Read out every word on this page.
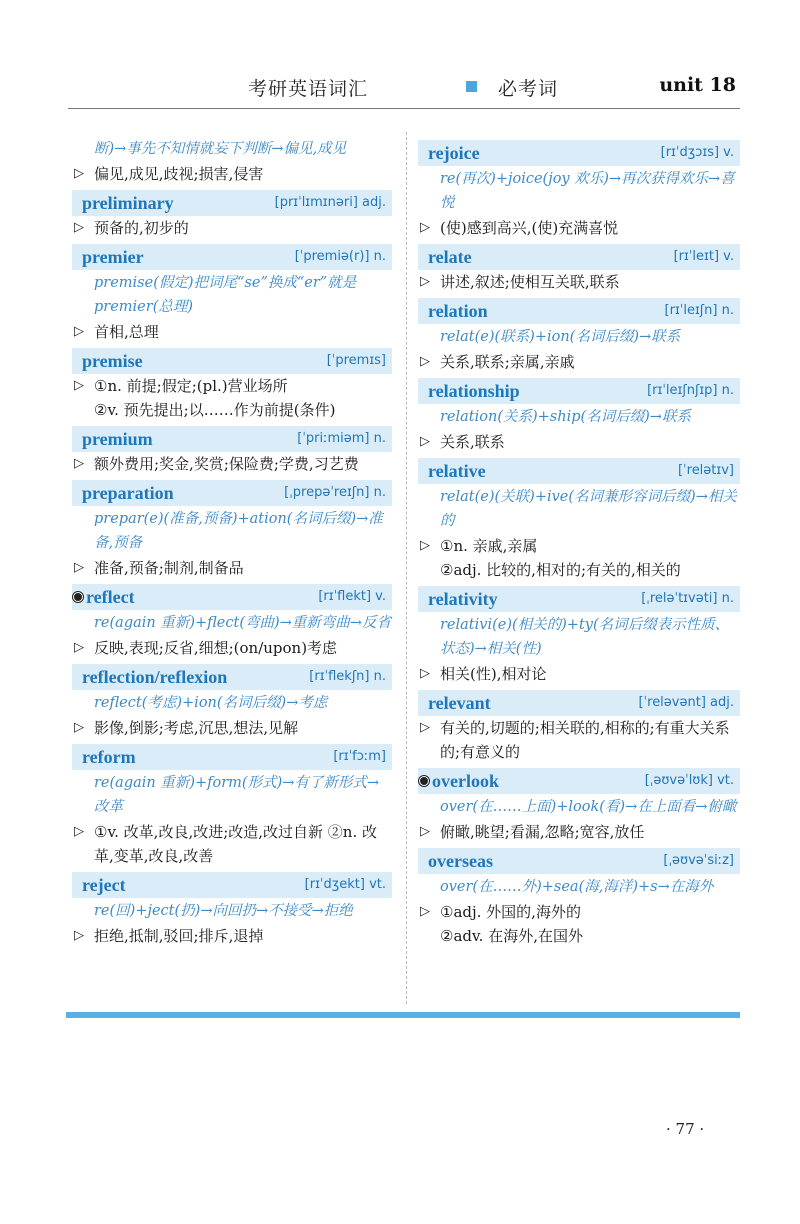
考研英语词汇	必考词	unit 18
断)→事先不知情就妄下判断→偏见,成见
▷ 偏见,成见,歧视;损害,侵害
preliminary	[prɪˈlɪmɪnəri] adj.
▷ 预备的,初步的
premier	[ˈpremiə(r)] n.
premise(假定)把词尾“se”换成“er”就是 premier(总理)
▷ 首相,总理
premise	[ˈpremɪs]
▷ ①n. 前提;假定;(pl.)营业场所
②v. 预先提出;以……作为前提(条件)
premium	[ˈpriːmiəm] n.
▷ 额外费用;奖金,奖赏;保险费;学费,习艺费
preparation	[ˌprepəˈreɪʃn] n.
prepar(e)(准备,预备)+ation(名词后缀)→准备,预备
▷ 准备,预备;制剂,制备品
reflect	[rɪˈflekt] v.
re(again 重新)+flect(弯曲)→重新弯曲→反省
▷ 反映,表现;反省,细想;(on/upon)考虑
reflection/reflexion	[rɪˈflekʃn] n.
reflect(考虑)+ion(名词后缀)→考虑
▷ 影像,倒影;考虑,沉思,想法,见解
reform	[rɪˈfɔːm]
re(again 重新)+form(形式)→有了新形式→改革
▷ ①v. 改革,改良,改进;改造,改过自新 ②n. 改革,变革,改良,改善
reject	[rɪˈdʒekt] vt.
re(回)+ject(扔)→向回扔→不接受→拒绝
▷ 拒绝,抵制,驳回;排斥,退掉
rejoice	[rɪˈdʒɔɪs] v.
re(再次)+joice(joy 欢乐)→再次获得欢乐→喜悦
▷ (使)感到高兴,(使)充满喜悦
relate	[rɪˈleɪt] v.
▷ 讲述,叙述;使相互关联,联系
relation	[rɪˈleɪʃn] n.
relat(e)(联系)+ion(名词后缀)→联系
▷ 关系,联系;亲属,亲戚
relationship	[rɪˈleɪʃnʃɪp] n.
relation(关系)+ship(名词后缀)→联系
▷ 关系,联系
relative	[ˈrelətɪv]
relat(e)(关联)+ive(名词兼形容词后缀)→相关的
▷ ①n. 亲戚,亲属
②adj. 比较的,相对的;有关的,相关的
relativity	[ˌreləˈtɪvəti] n.
relativi(e)(相关的)+ty(名词后缀表示性质、状态)→相关(性)
▷ 相关(性),相对论
relevant	[ˈreləvənt] adj.
▷ 有关的,切题的;相关联的,相称的;有重大关系的;有意义的
overlook	[ˌəʊvəˈlʊk] vt.
over(在……上面)+look(看)→在上面看→俯瞰
▷ 俯瞰,眺望;看漏,忽略;宽容,放任
overseas	[ˌəʊvəˈsiːz]
over(在……外)+sea(海,海洋)+s→在海外
▷ ①adj. 外国的,海外的
②adv. 在海外,在国外
· 77 ·
